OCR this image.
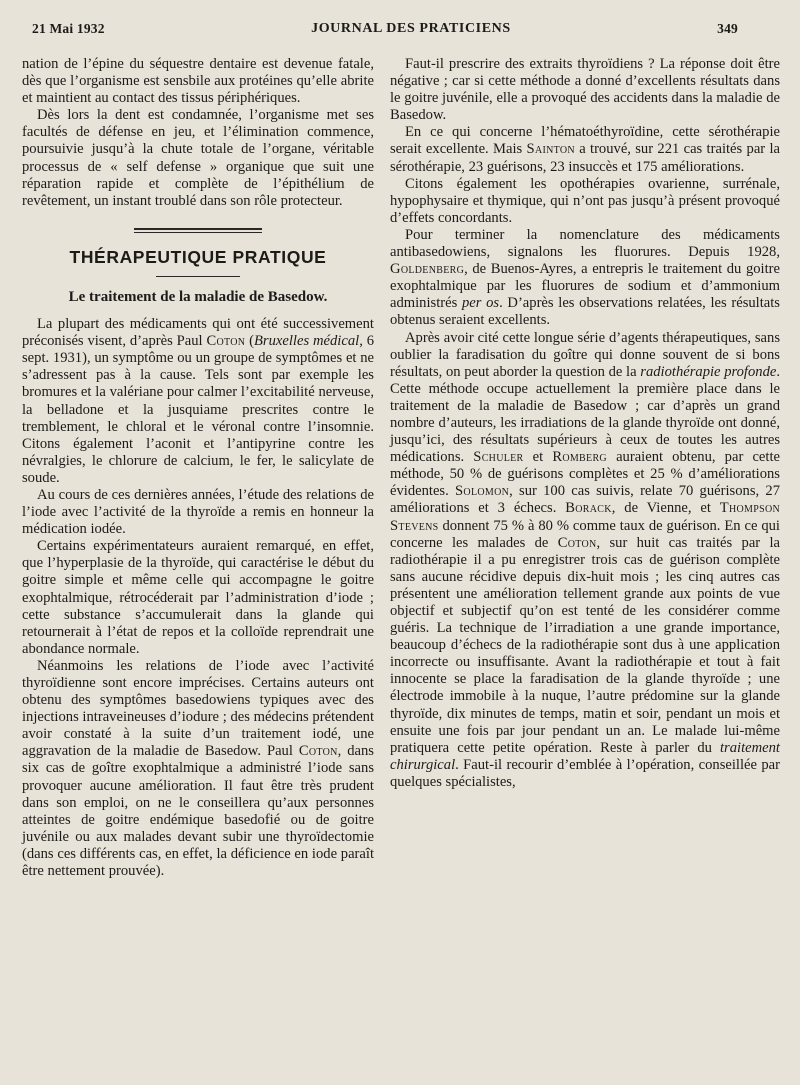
21 Mai 1932	JOURNAL DES PRATICIENS	349

nation de l’épine du séquestre dentaire est devenue fatale, dès que l’organisme est sensbile aux protéines qu’elle abrite et maintient au contact des tissus périphériques.

Dès lors la dent est condamnée, l’organisme met ses facultés de défense en jeu, et l’élimination commence, poursuivie jusqu’à la chute totale de l’organe, véritable processus de « self defense » organique que suit une réparation rapide et complète de l’épithélium de revêtement, un instant troublé dans son rôle protecteur.

THÉRAPEUTIQUE PRATIQUE
Le traitement de la maladie de Basedow.

La plupart des médicaments qui ont été successivement préconisés visent, d’après Paul Coton (Bruxelles médical, 6 sept. 1931), un symptôme ou un groupe de symptômes et ne s’adressent pas à la cause. Tels sont par exemple les bromures et la valériane pour calmer l’excitabilité nerveuse, la belladone et la jusquiame prescrites contre le tremblement, le chloral et le véronal contre l’insomnie. Citons également l’aconit et l’antipyrine contre les névralgies, le chlorure de calcium, le fer, le salicylate de soude.

Au cours de ces dernières années, l’étude des relations de l’iode avec l’activité de la thyroïde a remis en honneur la médication iodée.

Certains expérimentateurs auraient remarqué, en effet, que l’hyperplasie de la thyroïde, qui caractérise le début du goitre simple et même celle qui accompagne le goitre exophtalmique, rétrocéderait par l’administration d’iode ; cette substance s’accumulerait dans la glande qui retournerait à l’état de repos et la colloïde reprendrait une abondance normale.

Néanmoins les relations de l’iode avec l’activité thyroïdienne sont encore imprécises. Certains auteurs ont obtenu des symptômes basedowiens typiques avec des injections intraveineuses d’iodure ; des médecins prétendent avoir constaté à la suite d’un traitement iodé, une aggravation de la maladie de Basedow. Paul Coton, dans six cas de goître exophtalmique a administré l’iode sans provoquer aucune amélioration. Il faut être très prudent dans son emploi, on ne le conseillera qu’aux personnes atteintes de goitre endémique basedofié ou de goitre juvénile ou aux malades devant subir une thyroïdectomie (dans ces différents cas, en effet, la déficience en iode paraît être nettement prouvée).

Faut-il prescrire des extraits thyroïdiens ? La réponse doit être négative ; car si cette méthode a donné d’excellents résultats dans le goitre juvénile, elle a provoqué des accidents dans la maladie de Basedow.

En ce qui concerne l’hématoéthyroïdine, cette sérothérapie serait excellente. Mais Sainton a trouvé, sur 221 cas traités par la sérothérapie, 23 guérisons, 23 insuccès et 175 améliorations.

Citons également les opothérapies ovarienne, surrénale, hypophysaire et thymique, qui n’ont pas jusqu’à présent provoqué d’effets concordants.

Pour terminer la nomenclature des médicaments antibasedowiens, signalons les fluorures. Depuis 1928, Goldenberg, de Buenos-Ayres, a entrepris le traitement du goitre exophtalmique par les fluorures de sodium et d’ammonium administrés per os. D’après les observations relatées, les résultats obtenus seraient excellents.

Après avoir cité cette longue série d’agents thérapeutiques, sans oublier la faradisation du goître qui donne souvent de si bons résultats, on peut aborder la question de la radiothérapie profonde. Cette méthode occupe actuellement la première place dans le traitement de la maladie de Basedow ; car d’après un grand nombre d’auteurs, les irradiations de la glande thyroïde ont donné, jusqu’ici, des résultats supérieurs à ceux de toutes les autres médications. Schuler et Romberg auraient obtenu, par cette méthode, 50 % de guérisons complètes et 25 % d’améliorations évidentes. Solomon, sur 100 cas suivis, relate 70 guérisons, 27 améliorations et 3 échecs. Borack, de Vienne, et Thompson Stevens donnent 75 % à 80 % comme taux de guérison. En ce qui concerne les malades de Coton, sur huit cas traités par la radiothérapie il a pu enregistrer trois cas de guérison complète sans aucune récidive depuis dix-huit mois ; les cinq autres cas présentent une amélioration tellement grande aux points de vue objectif et subjectif qu’on est tenté de les considérer comme guéris. La technique de l’irradiation a une grande importance, beaucoup d’échecs de la radiothérapie sont dus à une application incorrecte ou insuffisante. Avant la radiothérapie et tout à fait innocente se place la faradisation de la glande thyroïde ; une électrode immobile à la nuque, l’autre prédomine sur la glande thyroïde, dix minutes de temps, matin et soir, pendant un mois et ensuite une fois par jour pendant un an. Le malade lui-même pratiquera cette petite opération. Reste à parler du traitement chirurgical. Faut-il recourir d’emblée à l’opération, conseillée par quelques spécialistes,
